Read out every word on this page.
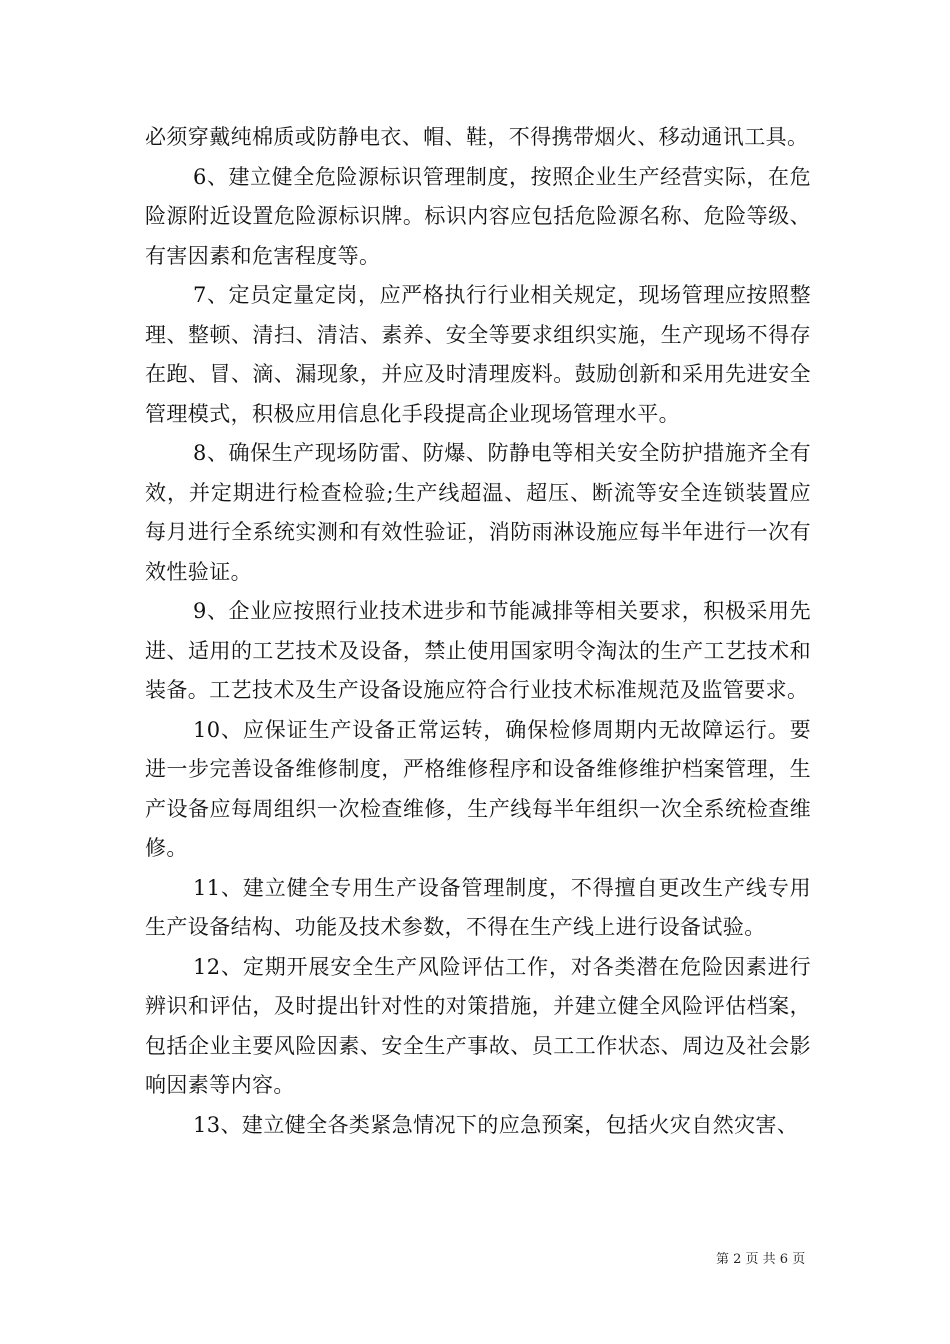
必须穿戴纯棉质或防静电衣、帽、鞋，不得携带烟火、移动通讯工具。

6、建立健全危险源标识管理制度，按照企业生产经营实际，在危险源附近设置危险源标识牌。标识内容应包括危险源名称、危险等级、有害因素和危害程度等。

7、定员定量定岗，应严格执行行业相关规定，现场管理应按照整理、整顿、清扫、清洁、素养、安全等要求组织实施，生产现场不得存在跑、冒、滴、漏现象，并应及时清理废料。鼓励创新和采用先进安全管理模式，积极应用信息化手段提高企业现场管理水平。

8、确保生产现场防雷、防爆、防静电等相关安全防护措施齐全有效，并定期进行检查检验;生产线超温、超压、断流等安全连锁装置应每月进行全系统实测和有效性验证，消防雨淋设施应每半年进行一次有效性验证。

9、企业应按照行业技术进步和节能减排等相关要求，积极采用先进、适用的工艺技术及设备，禁止使用国家明令淘汰的生产工艺技术和装备。工艺技术及生产设备设施应符合行业技术标准规范及监管要求。

10、应保证生产设备正常运转，确保检修周期内无故障运行。要进一步完善设备维修制度，严格维修程序和设备维修维护档案管理，生产设备应每周组织一次检查维修，生产线每半年组织一次全系统检查维修。

11、建立健全专用生产设备管理制度，不得擅自更改生产线专用生产设备结构、功能及技术参数，不得在生产线上进行设备试验。

12、定期开展安全生产风险评估工作，对各类潜在危险因素进行辨识和评估，及时提出针对性的对策措施，并建立健全风险评估档案，包括企业主要风险因素、安全生产事故、员工工作状态、周边及社会影响因素等内容。

13、建立健全各类紧急情况下的应急预案，包括火灾自然灾害、

第 2 页 共 6 页
